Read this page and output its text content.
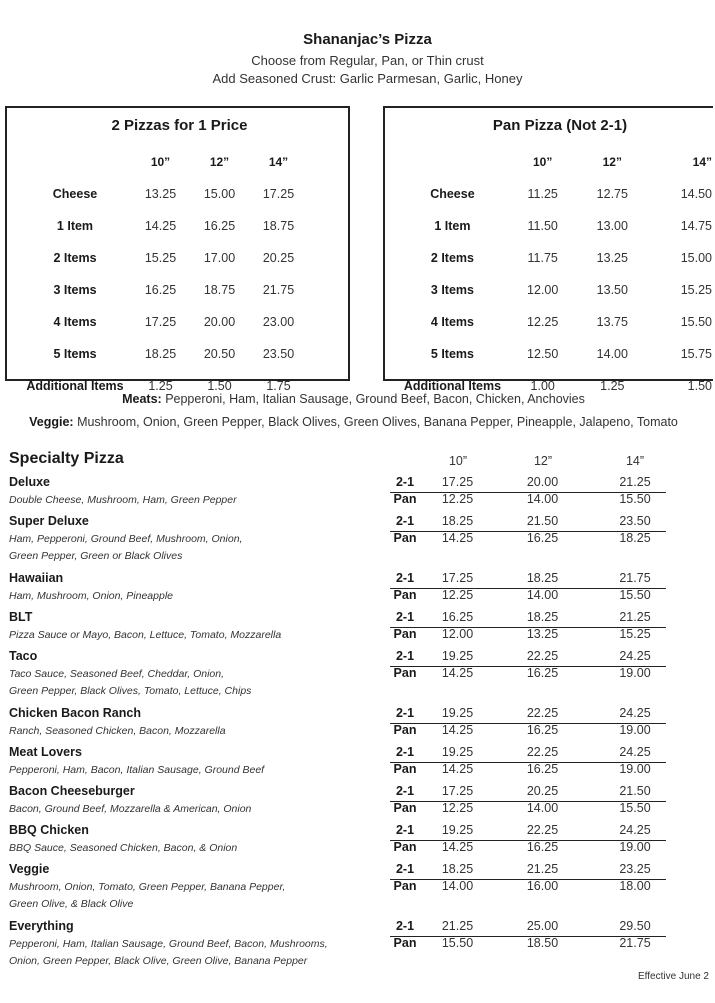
Shananjac’s Pizza
Choose from Regular, Pan, or Thin crust
Add Seasoned Crust: Garlic Parmesan, Garlic, Honey
2 Pizzas for 1 Price
	10”	12”	14”
Cheese	13.25	15.00	17.25
1 Item	14.25	16.25	18.75
2 Items	15.25	17.00	20.25
3 Items	16.25	18.75	21.75
4 Items	17.25	20.00	23.00
5 Items	18.25	20.50	23.50
Additional Items	1.25	1.50	1.75
Pan Pizza (Not 2-1)
	10”	12”	14”
Cheese	11.25	12.75	14.50
1 Item	11.50	13.00	14.75
2 Items	11.75	13.25	15.00
3 Items	12.00	13.50	15.25
4 Items	12.25	13.75	15.50
5 Items	12.50	14.00	15.75
Additional Items	1.00	1.25	1.50
Meats: Pepperoni, Ham, Italian Sausage, Ground Beef, Bacon, Chicken, Anchovies
Veggie: Mushroom, Onion, Green Pepper, Black Olives, Green Olives, Banana Pepper, Pineapple, Jalapeno, Tomato
Specialty Pizza	10”	12”	14”
Deluxe
Double Cheese, Mushroom, Ham, Green Pepper
2-1	17.25	20.00	21.25
Pan	12.25	14.00	15.50
Super Deluxe
Ham, Pepperoni, Ground Beef, Mushroom, Onion,
Green Pepper, Green or Black Olives
2-1	18.25	21.50	23.50
Pan	14.25	16.25	18.25
Hawaiian
Ham, Mushroom, Onion, Pineapple
2-1	17.25	18.25	21.75
Pan	12.25	14.00	15.50
BLT
Pizza Sauce or Mayo, Bacon, Lettuce, Tomato, Mozzarella
2-1	16.25	18.25	21.25
Pan	12.00	13.25	15.25
Taco
Taco Sauce, Seasoned Beef, Cheddar, Onion,
Green Pepper, Black Olives, Tomato, Lettuce, Chips
2-1	19.25	22.25	24.25
Pan	14.25	16.25	19.00
Chicken Bacon Ranch
Ranch, Seasoned Chicken, Bacon, Mozzarella
2-1	19.25	22.25	24.25
Pan	14.25	16.25	19.00
Meat Lovers
Pepperoni, Ham, Bacon, Italian Sausage, Ground Beef
2-1	19.25	22.25	24.25
Pan	14.25	16.25	19.00
Bacon Cheeseburger
Bacon, Ground Beef, Mozzarella & American, Onion
2-1	17.25	20.25	21.50
Pan	12.25	14.00	15.50
BBQ Chicken
BBQ Sauce, Seasoned Chicken, Bacon, & Onion
2-1	19.25	22.25	24.25
Pan	14.25	16.25	19.00
Veggie
Mushroom, Onion, Tomato, Green Pepper, Banana Pepper,
Green Olive, & Black Olive
2-1	18.25	21.25	23.25
Pan	14.00	16.00	18.00
Everything
Pepperoni, Ham, Italian Sausage, Ground Beef, Bacon, Mushrooms,
Onion, Green Pepper, Black Olive, Green Olive, Banana Pepper
2-1	21.25	25.00	29.50
Pan	15.50	18.50	21.75
Effective June 2
